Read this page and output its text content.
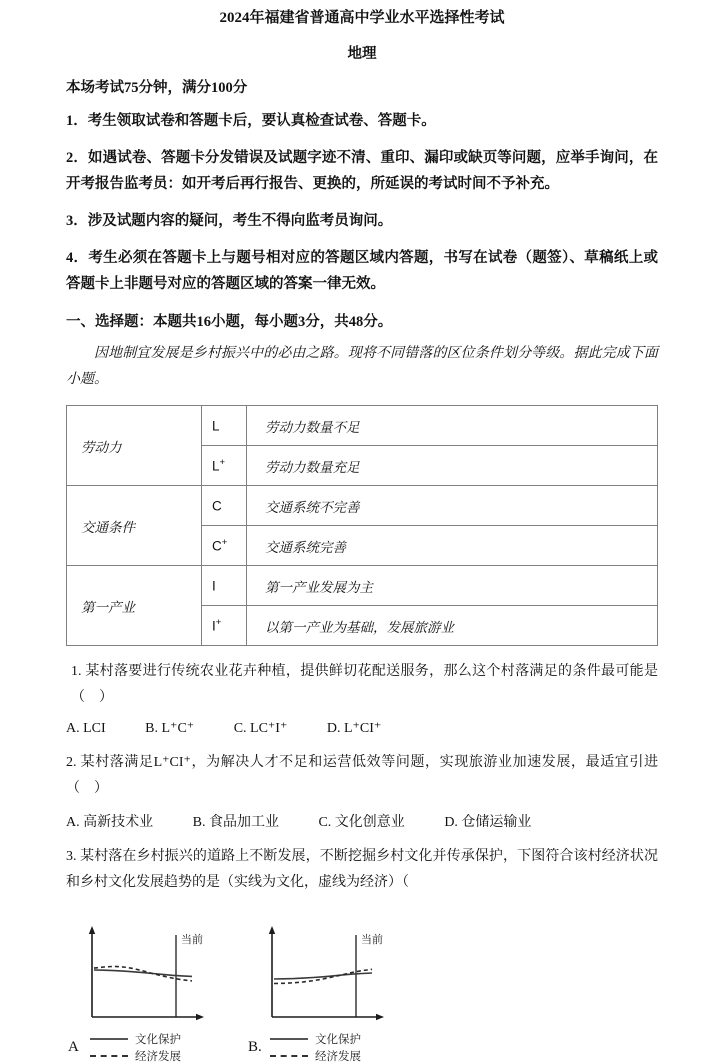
2024年福建省普通高中学业水平选择性考试
地理
本场考试75分钟，满分100分

1．考生领取试卷和答题卡后，要认真检查试卷、答题卡。

2．如遇试卷、答题卡分发错误及试题字迹不清、重印、漏印或缺页等问题，应举手询问，在开考报告监考员：如开考后再行报告、更换的，所延误的考试时间不予补充。

3．涉及试题内容的疑问，考生不得向监考员询问。

4．考生必须在答题卡上与题号相对应的答题区域内答题，书写在试卷（题签）、草稿纸上或答题卡上非题号对应的答题区域的答案一律无效。

一、选择题：本题共16小题，每小题3分，共48分。

因地制宜发展是乡村振兴中的必由之路。现将不同错落的区位条件划分等级。据此完成下面小题。

劳动力	L	劳动力数量不足
	L+	劳动力数量充足
交通条件	C	交通系统不完善
	C+	交通系统完善
第一产业	I	第一产业发展为主
	I+	以第一产业为基础，发展旅游业

1. 某村落要进行传统农业花卉种植，提供鲜切花配送服务，那么这个村落满足的条件最可能是（　）

A. LCI	B. L⁺C⁺	C. LC⁺I⁺	D. L⁺CI⁺

2. 某村落满足L⁺CI⁺，为解决人才不足和运营低效等问题，实现旅游业加速发展，最适宜引进（　）

A. 高新技术业	B. 食品加工业	C. 文化创意业	D. 仓储运输业

3. 某村落在乡村振兴的道路上不断发展，不断挖掘乡村文化并传承保护，下图符合该村经济状况和乡村文化发展趋势的是（实线为文化，虚线为经济）（

当前
A	文化保护
经济发展
当前
B.	文化保护
经济发展
